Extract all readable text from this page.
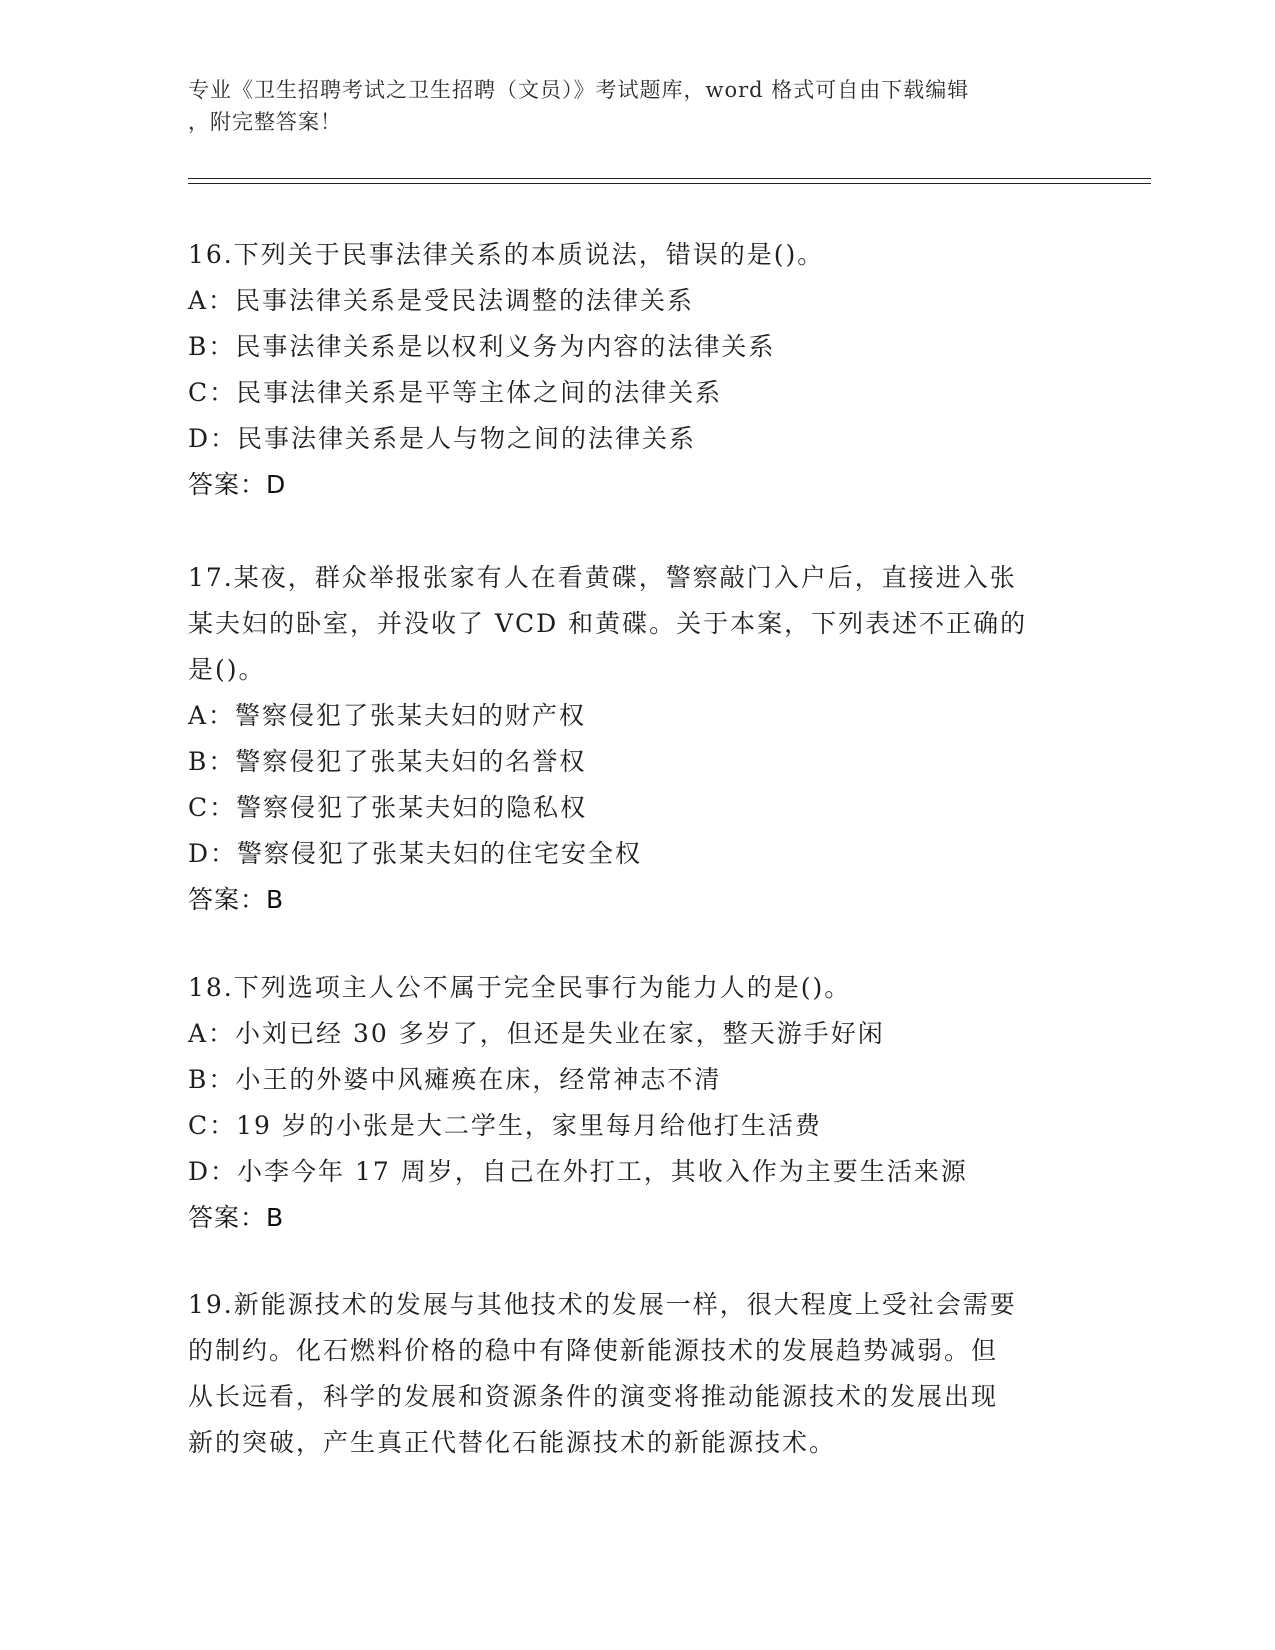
专业《卫生招聘考试之卫生招聘（文员）》考试题库，word 格式可自由下载编辑
，附完整答案！
16.下列关于民事法律关系的本质说法，错误的是()。
A：民事法律关系是受民法调整的法律关系
B：民事法律关系是以权利义务为内容的法律关系
C：民事法律关系是平等主体之间的法律关系
D：民事法律关系是人与物之间的法律关系
答案：D
17.某夜，群众举报张家有人在看黄碟，警察敲门入户后，直接进入张
某夫妇的卧室，并没收了 VCD 和黄碟。关于本案，下列表述不正确的
是()。
A：警察侵犯了张某夫妇的财产权
B：警察侵犯了张某夫妇的名誉权
C：警察侵犯了张某夫妇的隐私权
D：警察侵犯了张某夫妇的住宅安全权
答案：B
18.下列选项主人公不属于完全民事行为能力人的是()。
A：小刘已经 30 多岁了，但还是失业在家，整天游手好闲
B：小王的外婆中风瘫痪在床，经常神志不清
C：19 岁的小张是大二学生，家里每月给他打生活费
D：小李今年 17 周岁，自己在外打工，其收入作为主要生活来源
答案：B
19.新能源技术的发展与其他技术的发展一样，很大程度上受社会需要
的制约。化石燃料价格的稳中有降使新能源技术的发展趋势减弱。但
从长远看，科学的发展和资源条件的演变将推动能源技术的发展出现
新的突破，产生真正代替化石能源技术的新能源技术。
